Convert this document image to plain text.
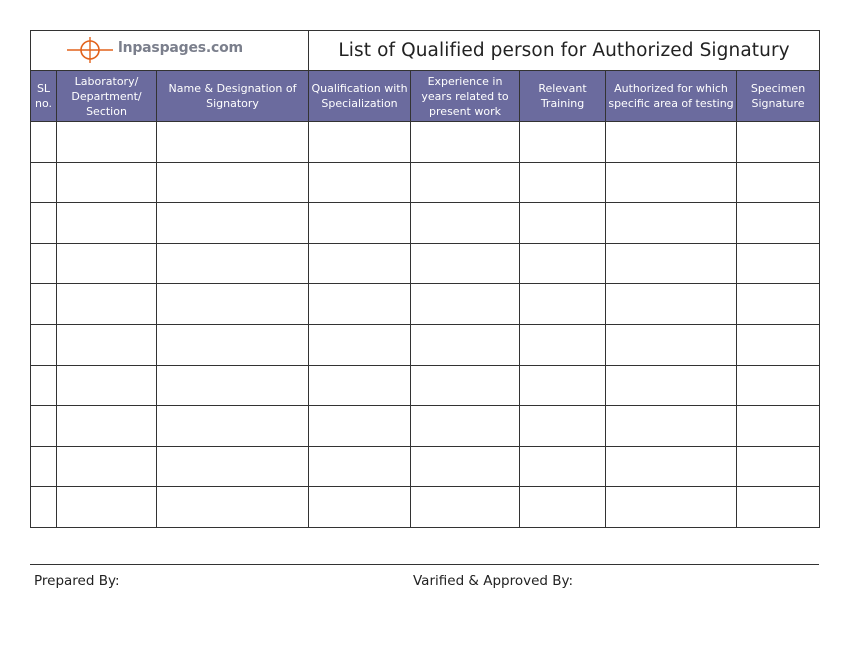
lnpaspages.com			List of Qualified person for Authorized Signatury				
SL no.	Laboratory/ Department/ Section	Name & Designation of Signatory	Qualification with Specialization	Experience in years related to present work	Relevant Training	Authorized for which specific area of testing	Specimen Signature

Prepared By:	Varified & Approved By:
